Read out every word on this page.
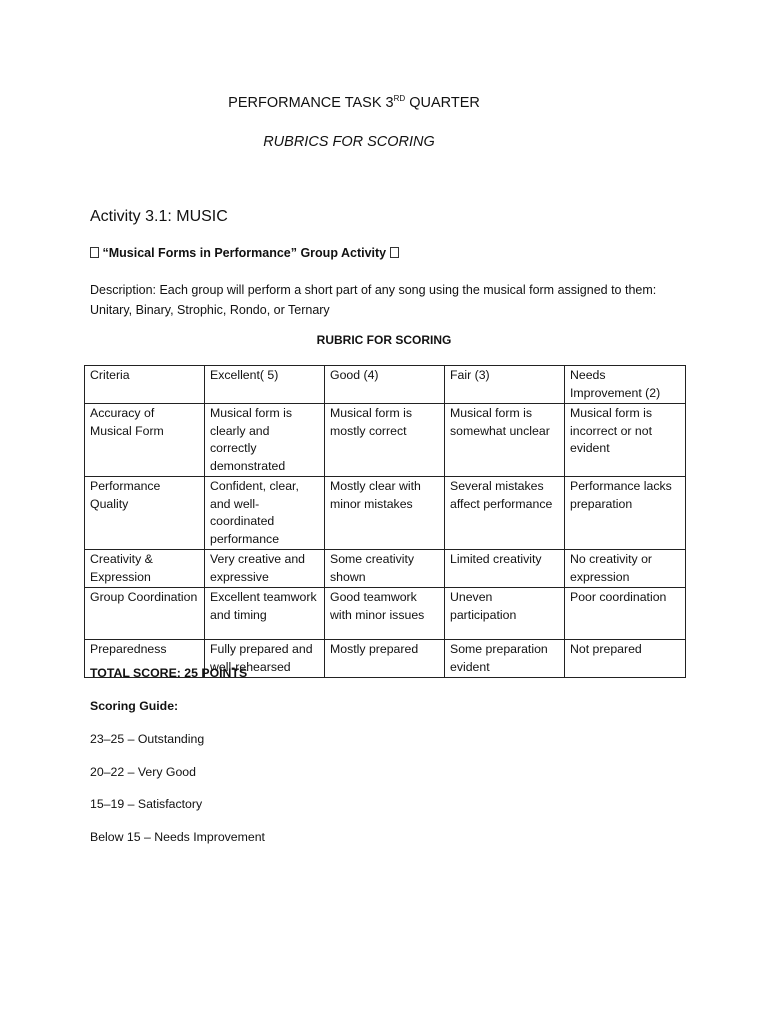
PERFORMANCE TASK 3RD QUARTER
RUBRICS FOR SCORING
Activity 3.1: MUSIC
“Musical Forms in Performance” Group Activity
Description: Each group will perform a short part of any song using the musical form assigned to them: Unitary, Binary, Strophic, Rondo, or Ternary
RUBRIC FOR SCORING
Criteria	Excellent( 5)	Good (4)	Fair (3)	Needs Improvement (2)
Accuracy of Musical Form	Musical form is clearly and correctly demonstrated	Musical form is mostly correct	Musical form is somewhat unclear	Musical form is incorrect or not evident
Performance Quality	Confident, clear, and well-coordinated performance	Mostly clear with minor mistakes	Several mistakes affect performance	Performance lacks preparation
Creativity & Expression	Very creative and expressive	Some creativity shown	Limited creativity	No creativity or expression
Group Coordination	Excellent teamwork and timing	Good teamwork with minor issues	Uneven participation	Poor coordination
Preparedness	Fully prepared and well-rehearsed	Mostly prepared	Some preparation evident	Not prepared
TOTAL SCORE: 25 POINTS
Scoring Guide:
23–25 – Outstanding
20–22 – Very Good
15–19 – Satisfactory
Below 15 – Needs Improvement
